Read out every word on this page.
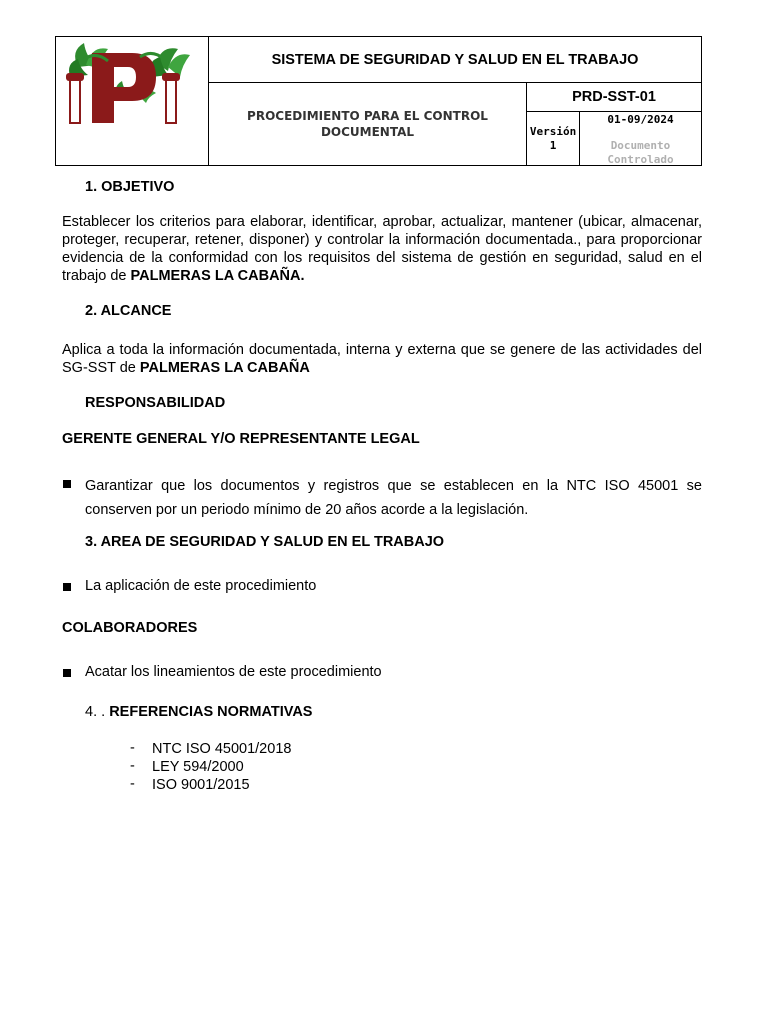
SISTEMA DE SEGURIDAD Y SALUD EN EL TRABAJO
PROCEDIMIENTO PARA EL CONTROL DOCUMENTAL
PRD-SST-01
Versión 1
01-09/2024
Documento Controlado
1. OBJETIVO
Establecer los criterios para elaborar, identificar, aprobar, actualizar, mantener (ubicar, almacenar, proteger, recuperar, retener, disponer) y controlar la información documentada., para proporcionar evidencia de la conformidad con los requisitos del sistema de gestión en seguridad, salud en el trabajo de PALMERAS LA CABAÑA.
2. ALCANCE
Aplica a toda la información documentada, interna y externa que se genere de las actividades del SG-SST de PALMERAS LA CABAÑA
RESPONSABILIDAD
GERENTE GENERAL Y/O REPRESENTANTE LEGAL
Garantizar que los documentos y registros que se establecen en la NTC ISO 45001 se conserven por un periodo mínimo de 20 años acorde a la legislación.
3. AREA DE SEGURIDAD Y SALUD EN EL TRABAJO
La aplicación de este procedimiento
COLABORADORES
Acatar los lineamientos de este procedimiento
4. . REFERENCIAS NORMATIVAS
- NTC ISO 45001/2018
- LEY 594/2000
- ISO 9001/2015
